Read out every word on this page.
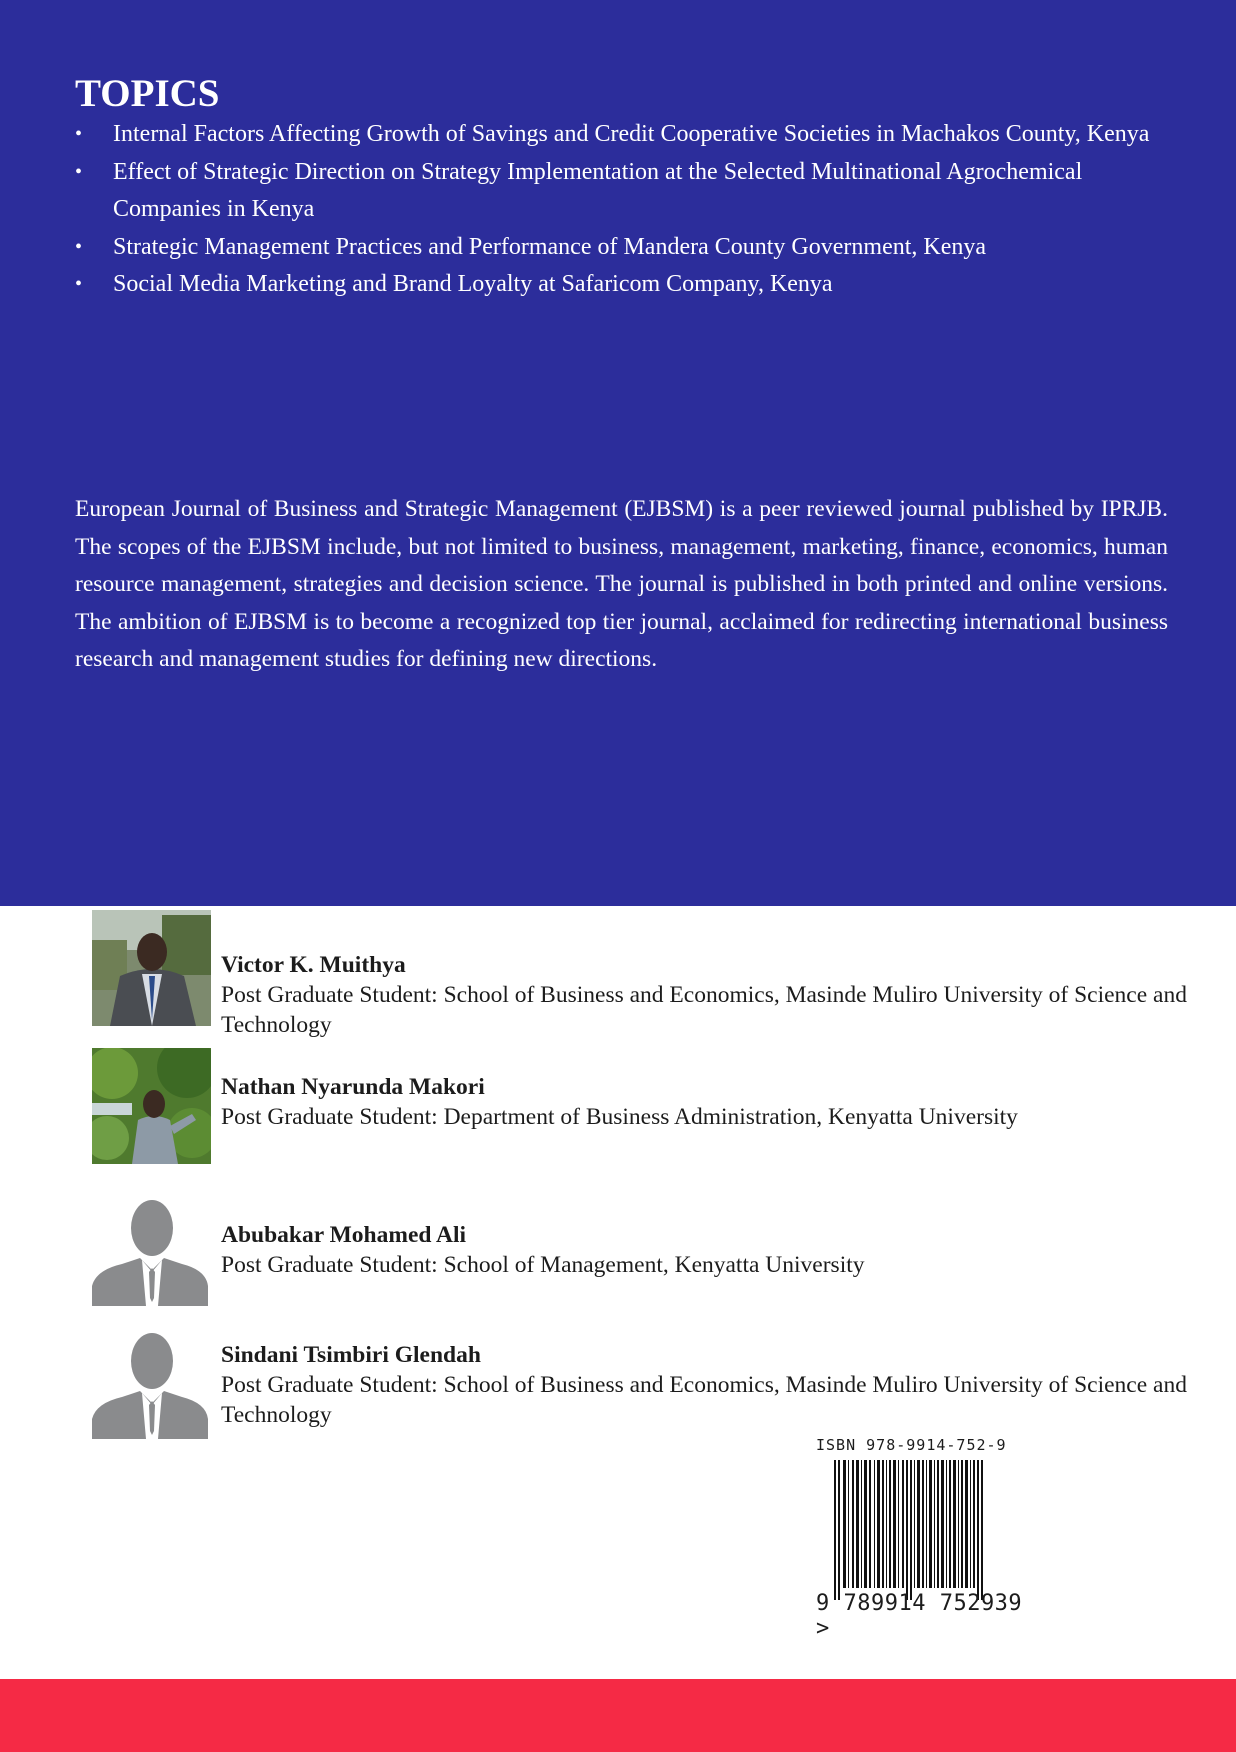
TOPICS
•	Internal Factors Affecting Growth of Savings and Credit Cooperative Societies in Machakos County, Kenya
•	Effect of Strategic Direction on Strategy Implementation at the Selected Multinational Agrochemical Companies in Kenya
•	Strategic Management Practices and Performance of Mandera County Government, Kenya
•	Social Media Marketing and Brand Loyalty at Safaricom Company, Kenya

European Journal of Business and Strategic Management (EJBSM) is a peer reviewed journal published by IPRJB. The scopes of the EJBSM include, but not limited to business, management, marketing, finance, economics, human resource management, strategies and decision science. The journal is published in both printed and online versions. The ambition of EJBSM is to become a recognized top tier journal, acclaimed for redirecting international business research and management studies for defining new directions.

Victor K. Muithya
Post Graduate Student: School of Business and Economics, Masinde Muliro University of Science and Technology
Nathan Nyarunda Makori
Post Graduate Student: Department of Business Administration, Kenyatta University
Abubakar Mohamed Ali
Post Graduate Student: School of Management, Kenyatta University
Sindani Tsimbiri Glendah
Post Graduate Student: School of Business and Economics, Masinde Muliro University of Science and Technology
ISBN 978-9914-752-9
9 789914 752939 >
